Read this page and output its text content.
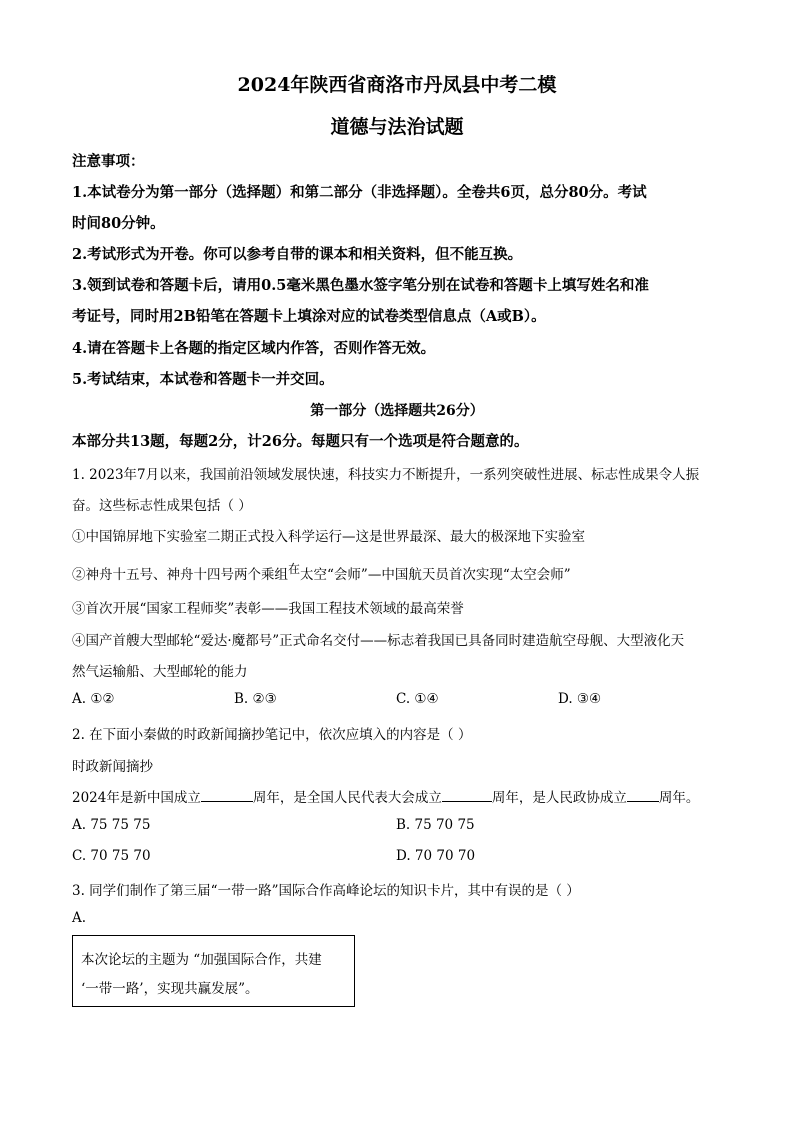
2024年陕西省商洛市丹凤县中考二模
道德与法治试题
注意事项：
1.本试卷分为第一部分（选择题）和第二部分（非选择题）。全卷共6页，总分80分。考试
时间80分钟。
2.考试形式为开卷。你可以参考自带的课本和相关资料，但不能互换。
3.领到试卷和答题卡后，请用0.5毫米黑色墨水签字笔分别在试卷和答题卡上填写姓名和准
考证号，同时用2B铅笔在答题卡上填涂对应的试卷类型信息点（A或B）。
4.请在答题卡上各题的指定区域内作答，否则作答无效。
5.考试结束，本试卷和答题卡一并交回。
第一部分（选择题共26分）
本部分共13题，每题2分，计26分。每题只有一个选项是符合题意的。
1. 2023年7月以来，我国前沿领域发展快速，科技实力不断提升，一系列突破性进展、标志性成果令人振
奋。这些标志性成果包括（ ）
①中国锦屏地下实验室二期正式投入科学运行—这是世界最深、最大的极深地下实验室
②神舟十五号、神舟十四号两个乘组在太空“会师”—中国航天员首次实现“太空会师”
③首次开展“国家工程师奖”表彰——我国工程技术领域的最高荣誉
④国产首艘大型邮轮“爱达·魔都号”正式命名交付——标志着我国已具备同时建造航空母舰、大型液化天
然气运输船、大型邮轮的能力
A. ①②	B. ②③	C. ①④	D. ③④
2. 在下面小秦做的时政新闻摘抄笔记中，依次应填入的内容是（ ）
时政新闻摘抄
2024年是新中国成立	周年，是全国人民代表大会成立	周年，是人民政协成立 周年。
A. 75 75 75	B. 75 70 75
C. 70 75 70	D. 70 70 70
3. 同学们制作了第三届“一带一路”国际合作高峰论坛的知识卡片，其中有误的是（ ）
A.
本次论坛的主题为 “加强国际合作，共建
‘一带一路’，实现共赢发展”。
